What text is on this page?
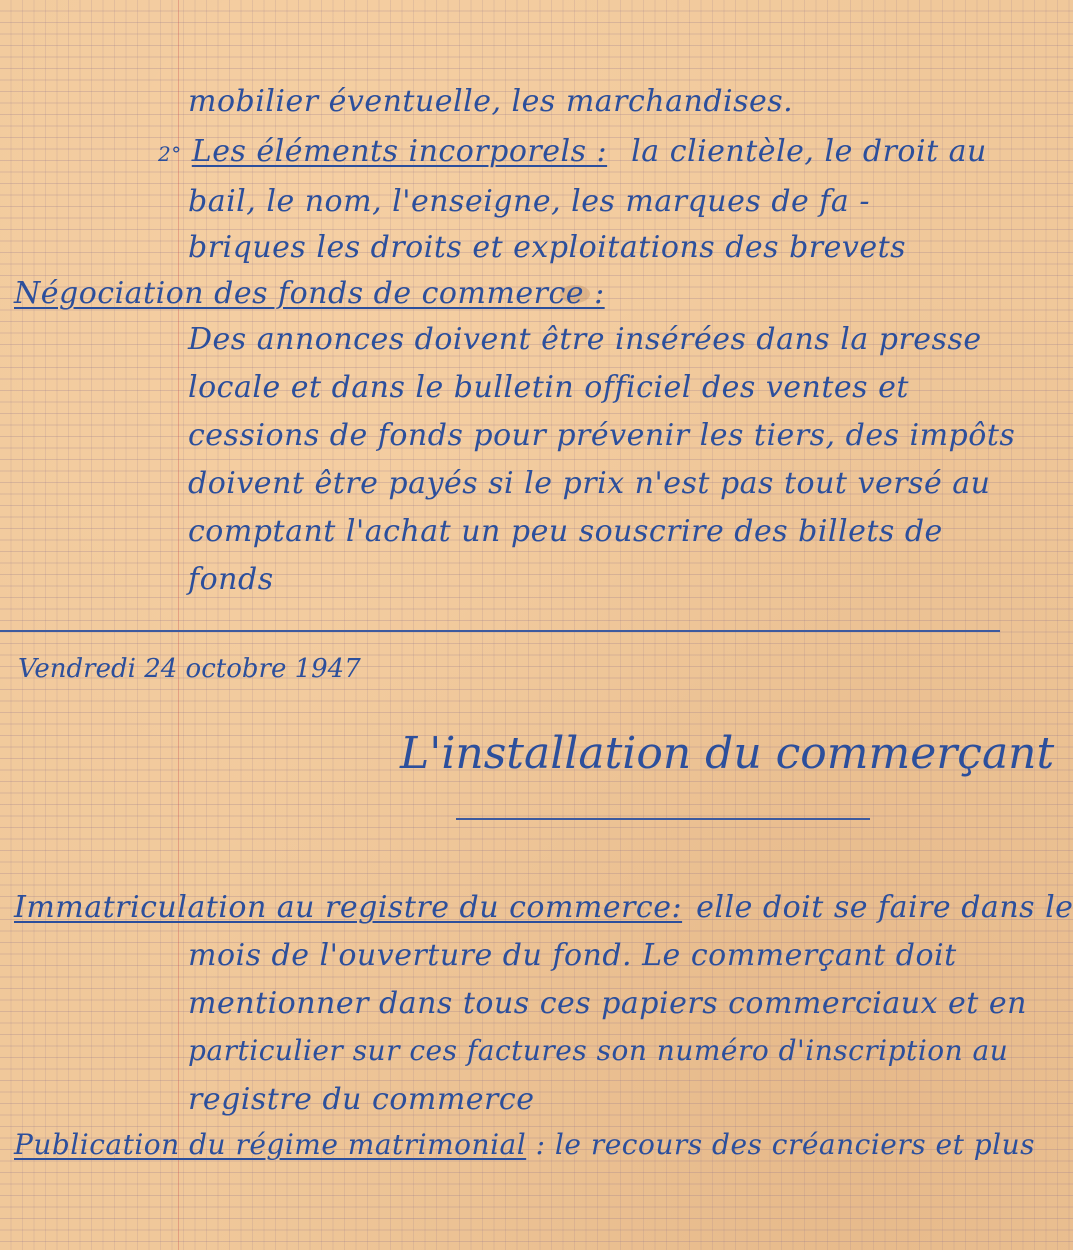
mobilier éventuelle, les marchandises.
2° Les éléments incorporels : la clientèle, le droit au
bail, le nom, l'enseigne, les marques de fa -
briques les droits et exploitations des brevets
Négociation des fonds de commerce :
Des annonces doivent être insérées dans la presse
locale et dans le bulletin officiel des ventes et
cessions de fonds pour prévenir les tiers, des impôts
doivent être payés si le prix n'est pas tout versé au
comptant l'achat un peu souscrire des billets de
fonds
Vendredi 24 octobre 1947
L'installation du commerçant
Immatriculation au registre du commerce: elle doit se faire dans le
mois de l'ouverture du fond. Le commerçant doit
mentionner dans tous ces papiers commerciaux et en
particulier sur ces factures son numéro d'inscription au
registre du commerce
Publication du régime matrimonial : le recours des créanciers et plus
